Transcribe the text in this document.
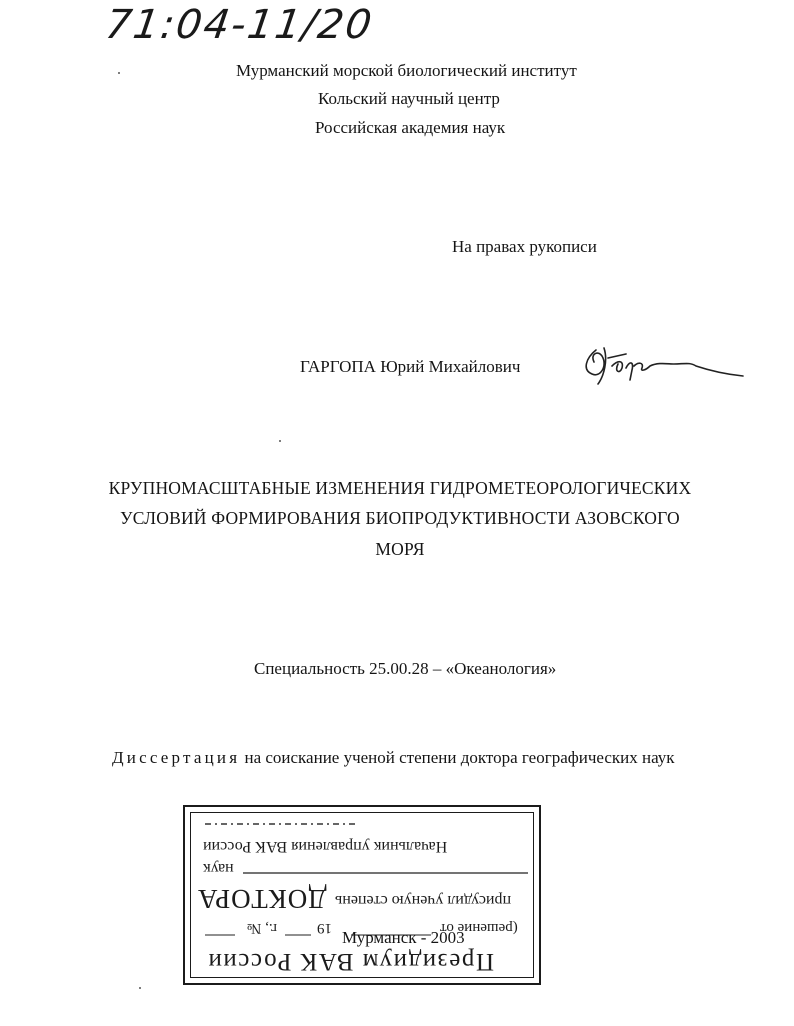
71:04-11/20
Мурманский морской биологический институт
Кольский научный центр
Российская академия наук
На правах рукописи
ГАРГОПА Юрий Михайлович
КРУПНОМАСШТАБНЫЕ ИЗМЕНЕНИЯ ГИДРОМЕТЕОРОЛОГИЧЕСКИХ
УСЛОВИЙ ФОРМИРОВАНИЯ БИОПРОДУКТИВНОСТИ АЗОВСКОГО
МОРЯ
Специальность 25.00.28 – «Океанология»
Диссертация на соискание ученой степени доктора географических наук
Начальник управления ВАК России
наук
ДОКТОРА присудил ученую степень
г., №	19	(решение от
Президиум ВАК России
Мурманск - 2003
